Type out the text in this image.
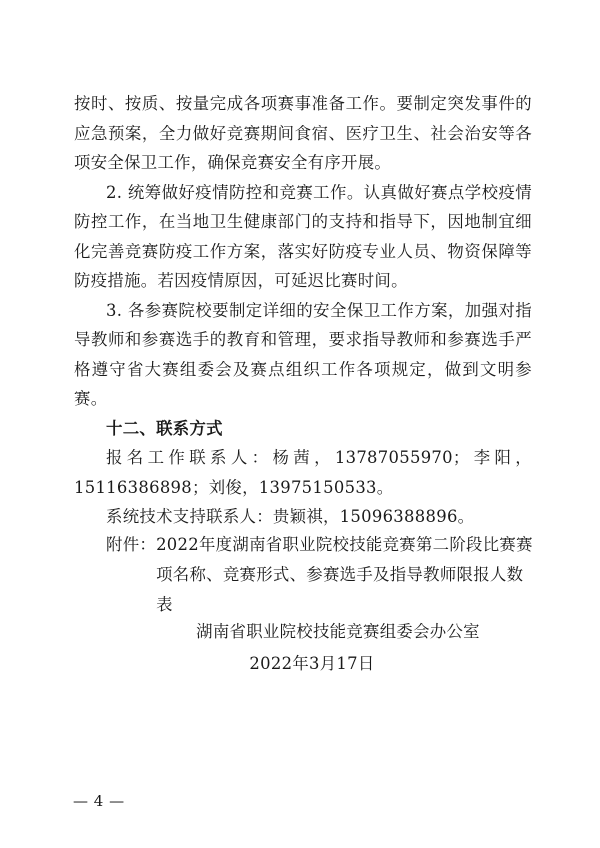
按时、按质、按量完成各项赛事准备工作。要制定突发事件的应急预案，全力做好竞赛期间食宿、医疗卫生、社会治安等各项安全保卫工作，确保竞赛安全有序开展。

2. 统筹做好疫情防控和竞赛工作。认真做好赛点学校疫情防控工作，在当地卫生健康部门的支持和指导下，因地制宜细化完善竞赛防疫工作方案，落实好防疫专业人员、物资保障等防疫措施。若因疫情原因，可延迟比赛时间。

3. 各参赛院校要制定详细的安全保卫工作方案，加强对指导教师和参赛选手的教育和管理，要求指导教师和参赛选手严格遵守省大赛组委会及赛点组织工作各项规定，做到文明参赛。

十二、联系方式

报名工作联系人：杨茜，13787055970；李阳，15116386898；刘俊，13975150533。

系统技术支持联系人：贵颖祺，15096388896。

附件： 2022年度湖南省职业院校技能竞赛第二阶段比赛赛项名称、竞赛形式、参赛选手及指导教师限报人数表
湖南省职业院校技能竞赛组委会办公室
2022年3月17日
— 4 —
